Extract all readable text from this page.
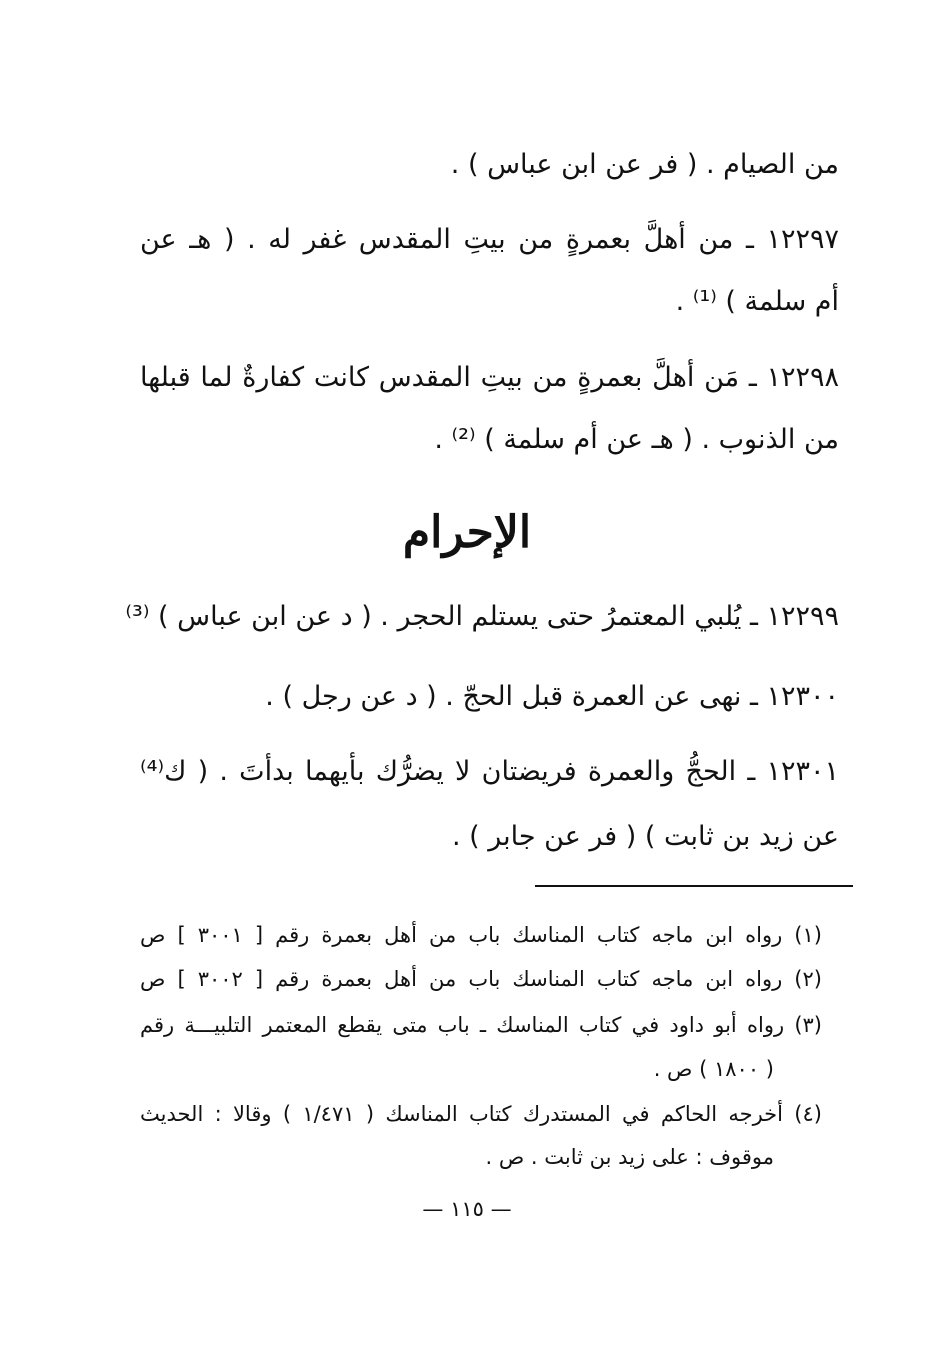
من الصيام . ( فر عن ابن عباس ) .
١٢٢٩٧ ـ من أهلَّ بعمرةٍ من بيتِ المقدس غفر له . ( هـ عن
أم سلمة ) ⁽¹⁾ .
١٢٢٩٨ ـ مَن أهلَّ بعمرةٍ من بيتِ المقدس كانت كفارةٌ لما قبلها
من الذنوب . ( هـ عن أم سلمة ) ⁽²⁾ .
الإحرام
١٢٢٩٩ ـ يُلبي المعتمرُ حتى يستلم الحجر . ( د عن ابن عباس ) ⁽³⁾
١٢٣٠٠ ـ نهى عن العمرة قبل الحجّ . ( د عن رجل ) .
١٢٣٠١ ـ الحجُّ والعمرة فريضتان لا يضرُّك بأيهما بدأتَ . ( ك⁽⁴⁾
عن زيد بن ثابت ) ( فر عن جابر ) .
(١) رواه ابن ماجه كتاب المناسك باب من أهل بعمرة رقم [ ٣٠٠١ ] ص
(٢) رواه ابن ماجه كتاب المناسك باب من أهل بعمرة رقم [ ٣٠٠٢ ] ص
(٣) رواه أبو داود في كتاب المناسك ـ باب متى يقطع المعتمر التلبيـــة رقم
( ١٨٠٠ ) ص .
(٤) أخرجه الحاكم في المستدرك كتاب المناسك ( ١/٤٧١ ) وقالا : الحديث
موقوف : على زيد بن ثابت . ص .
— ١١٥ —
